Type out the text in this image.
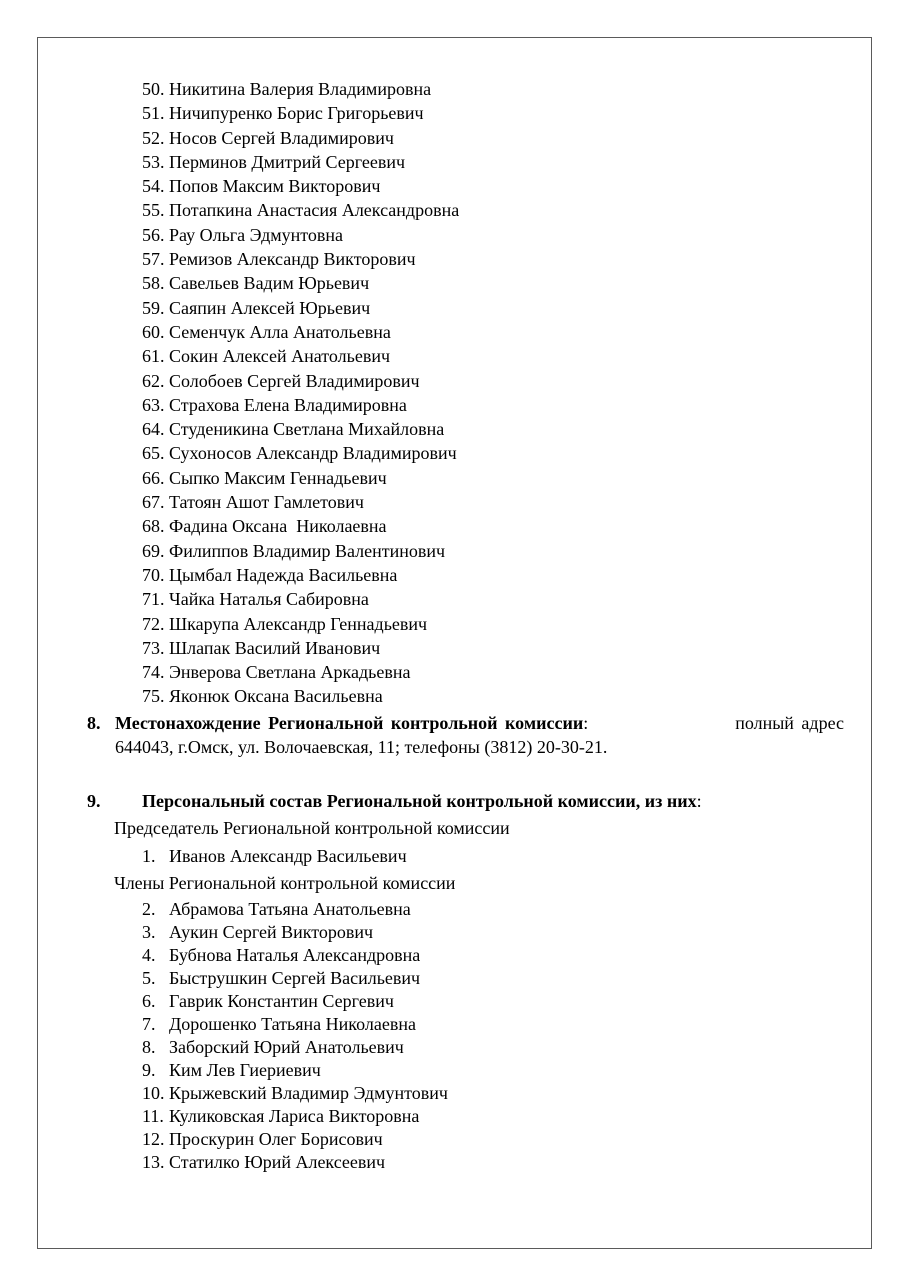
50. Никитина Валерия Владимировна
51. Ничипуренко Борис Григорьевич
52. Носов Сергей Владимирович
53. Перминов Дмитрий Сергеевич
54. Попов Максим Викторович
55. Потапкина Анастасия Александровна
56. Рау Ольга Эдмунтовна
57. Ремизов Александр Викторович
58. Савельев Вадим Юрьевич
59. Саяпин Алексей Юрьевич
60. Семенчук Алла Анатольевна
61. Сокин Алексей Анатольевич
62. Солобоев Сергей Владимирович
63. Страхова Елена Владимировна
64. Студеникина Светлана Михайловна
65. Сухоносов Александр Владимирович
66. Сыпко Максим Геннадьевич
67. Татоян Ашот Гамлетович
68. Фадина Оксана  Николаевна
69. Филиппов Владимир Валентинович
70. Цымбал Надежда Васильевна
71. Чайка Наталья Сабировна
72. Шкарупа Александр Геннадьевич
73. Шлапак Василий Иванович
74. Энверова Светлана Аркадьевна
75. Яконюк Оксана Васильевна
8. Местонахождение Региональной контрольной комиссии:	полный адрес
644043, г.Омск, ул. Волочаевская, 11; телефоны (3812) 20-30-21.
9. Персональный состав Региональной контрольной комиссии, из них:
Председатель Региональной контрольной комиссии
1. Иванов Александр Васильевич
Члены Региональной контрольной комиссии
2. Абрамова Татьяна Анатольевна
3. Аукин Сергей Викторович
4. Бубнова Наталья Александровна
5. Быструшкин Сергей Васильевич
6. Гаврик Константин Сергевич
7. Дорошенко Татьяна Николаевна
8. Заборский Юрий Анатольевич
9. Ким Лев Гиериевич
10. Крыжевский Владимир Эдмунтович
11. Куликовская Лариса Викторовна
12. Проскурин Олег Борисович
13. Статилко Юрий Алексеевич
